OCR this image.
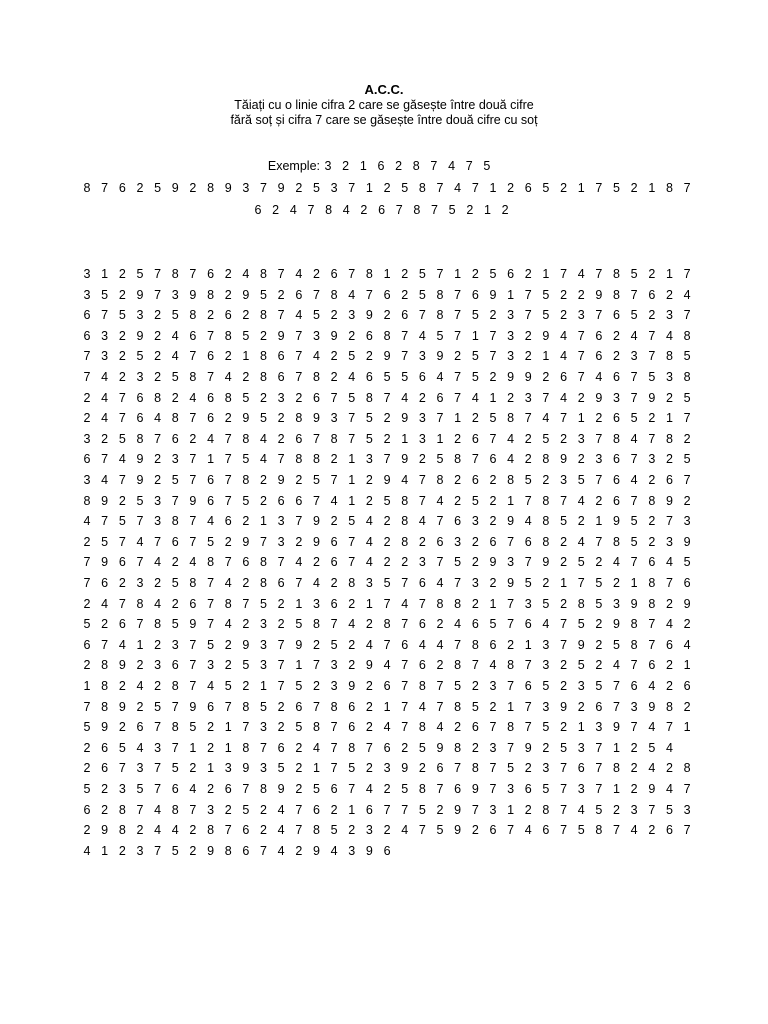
A.C.C.
Tăiați cu o linie cifra 2 care se găsește între două cifre
fără soț și cifra 7 care se găsește între două cifre cu soț
Exemple: 3 2 1 6 2 8 7 4 7 5
8 7 6 2 5 9 2 8 9 3 7 9 2 5 3 7 1 2 5 8 7 4 7 1 2 6 5 2 1 7 5 2 1 8 7
6 2 4 7 8 4 2 6 7 8 7 5 2 1 2
3 1 2 5 7 8 7 6 2 4 8 7 4 2 6 7 8 1 2 5 7 1 2 5 6 2 1 7 4 7 8 5 2 1 7
3 5 2 9 7 3 9 8 2 9 5 2 6 7 8 4 7 6 2 5 8 7 6 9 1 7 5 2 2 9 8 7 6 2 4
6 7 5 3 2 5 8 2 6 2 8 7 4 5 2 3 9 2 6 7 8 7 5 2 3 7 5 2 3 7 6 5 2 3 7
6 3 2 9 2 4 6 7 8 5 2 9 7 3 9 2 6 8 7 4 5 7 1 7 3 2 9 4 7 6 2 4 7 4 8
7 3 2 5 2 4 7 6 2 1 8 6 7 4 2 5 2 9 7 3 9 2 5 7 3 2 1 4 7 6 2 3 7 8 5
7 4 2 3 2 5 8 7 4 2 8 6 7 8 2 4 6 5 5 6 4 7 5 2 9 9 2 6 7 4 6 7 5 3 8
2 4 7 6 8 2 4 6 8 5 2 3 2 6 7 5 8 7 4 2 6 7 4 1 2 3 7 4 2 9 3 7 9 2 5
2 4 7 6 4 8 7 6 2 9 5 2 8 9 3 7 5 2 9 3 7 1 2 5 8 7 4 7 1 2 6 5 2 1 7
3 2 5 8 7 6 2 4 7 8 4 2 6 7 8 7 5 2 1 3 1 2 6 7 4 2 5 2 3 7 8 4 7 8 2
6 7 4 9 2 3 7 1 7 5 4 7 8 8 2 1 3 7 9 2 5 8 7 6 4 2 8 9 2 3 6 7 3 2 5
3 4 7 9 2 5 7 6 7 8 2 9 2 5 7 1 2 9 4 7 8 2 6 2 8 5 2 3 5 7 6 4 2 6 7
8 9 2 5 3 7 9 6 7 5 2 6 6 7 4 1 2 5 8 7 4 2 5 2 1 7 8 7 4 2 6 7 8 9 2
4 7 5 7 3 8 7 4 6 2 1 3 7 9 2 5 4 2 8 4 7 6 3 2 9 4 8 5 2 1 9 5 2 7 3
2 5 7 4 7 6 7 5 2 9 7 3 2 9 6 7 4 2 8 2 6 3 2 6 7 6 8 2 4 7 8 5 2 3 9
7 9 6 7 4 2 4 8 7 6 8 7 4 2 6 7 4 2 2 3 7 5 2 9 3 7 9 2 5 2 4 7 6 4 5
7 6 2 3 2 5 8 7 4 2 8 6 7 4 2 8 3 5 7 6 4 7 3 2 9 5 2 1 7 5 2 1 8 7 6
2 4 7 8 4 2 6 7 8 7 5 2 1 3 6 2 1 7 4 7 8 8 2 1 7 3 5 2 8 5 3 9 8 2 9
5 2 6 7 8 5 9 7 4 2 3 2 5 8 7 4 2 8 7 6 2 4 6 5 7 6 4 7 5 2 9 8 7 4 2
6 7 4 1 2 3 7 5 2 9 3 7 9 2 5 2 4 7 6 4 4 7 8 6 2 1 3 7 9 2 5 8 7 6 4
2 8 9 2 3 6 7 3 2 5 3 7 1 7 3 2 9 4 7 6 2 8 7 4 8 7 3 2 5 2 4 7 6 2 1
1 8 2 4 2 8 7 4 5 2 1 7 5 2 3 9 2 6 7 8 7 5 2 3 7 6 5 2 3 5 7 6 4 2 6
7 8 9 2 5 7 9 6 7 8 5 2 6 7 8 6 2 1 7 4 7 8 5 2 1 7 3 9 2 6 7 3 9 8 2
5 9 2 6 7 8 5 2 1 7 3 2 5 8 7 6 2 4 7 8 4 2 6 7 8 7 5 2 1 3 9 7 4 7 1
2 6 5 4 3 7 1 2 1 8 7 6 2 4 7 8 7 6 2 5 9 8 2 3 7 9 2 5 3 7 1 2 5 4
2 6 7 3 7 5 2 1 3 9 3 5 2 1 7 5 2 3 9 2 6 7 8 7 5 2 3 7 6 7 8 2 4 2 8
5 2 3 5 7 6 4 2 6 7 8 9 2 5 6 7 4 2 5 8 7 6 9 7 3 6 5 7 3 7 1 2 9 4 7
6 2 8 7 4 8 7 3 2 5 2 4 7 6 2 1 6 7 7 5 2 9 7 3 1 2 8 7 4 5 2 3 7 5 3
2 9 8 2 4 4 2 8 7 6 2 4 7 8 5 2 3 2 4 7 5 9 2 6 7 4 6 7 5 8 7 4 2 6 7
4 1 2 3 7 5 2 9 8 6 7 4 2 9 4 3 9 6
